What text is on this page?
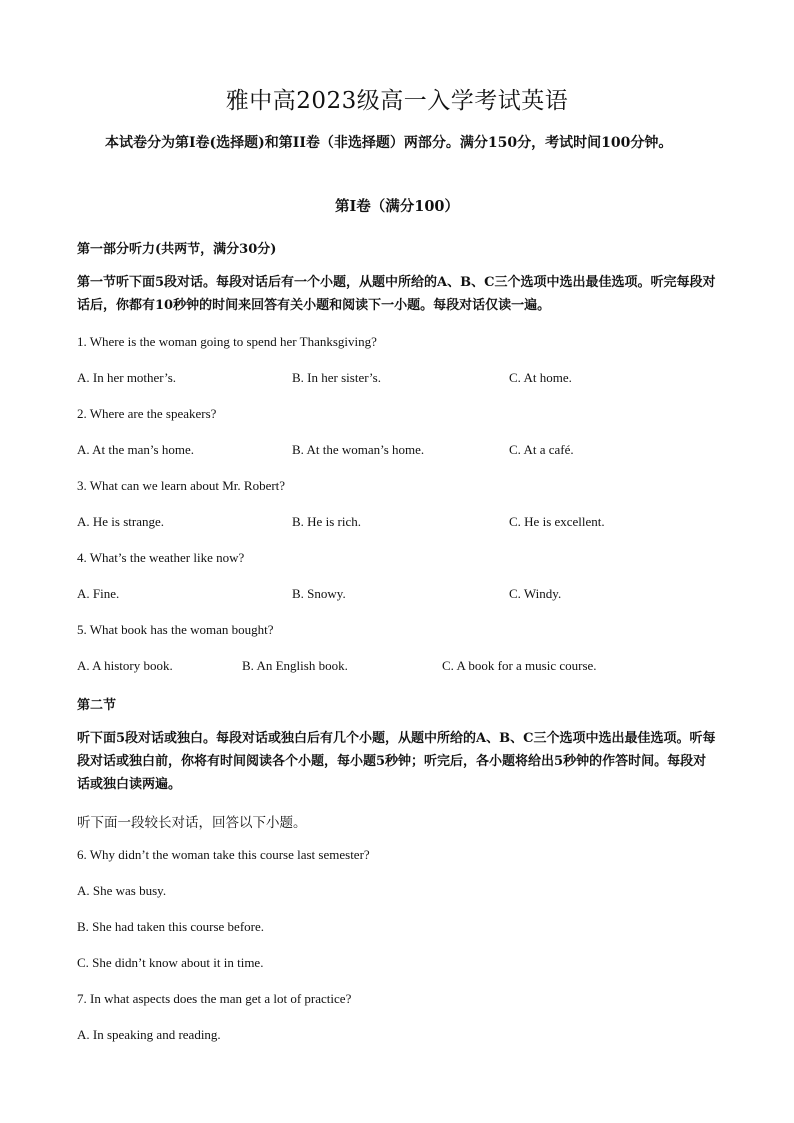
雅中高2023级高一入学考试英语
本试卷分为第I卷(选择题)和第II卷（非选择题）两部分。满分150分，考试时间100分钟。
第I卷（满分100）
第一部分听力(共两节，满分30分)
第一节听下面5段对话。每段对话后有一个小题，从题中所给的A、B、C三个选项中选出最佳选项。听完每段对话后，你都有10秒钟的时间来回答有关小题和阅读下一小题。每段对话仅读一遍。
1. Where is the woman going to spend her Thanksgiving?
A. In her mother’s.	B. In her sister’s.	C. At home.
2. Where are the speakers?
A. At the man’s home.	B. At the woman’s home.	C. At a café.
3. What can we learn about Mr. Robert?
A. He is strange.	B. He is rich.	C. He is excellent.
4. What’s the weather like now?
A. Fine.	B. Snowy.	C. Windy.
5. What book has the woman bought?
A. A history book.	B. An English book.	C. A book for a music course.
第二节
听下面5段对话或独白。每段对话或独白后有几个小题，从题中所给的A、B、C三个选项中选出最佳选项。听每段对话或独白前，你将有时间阅读各个小题，每小题5秒钟；听完后，各小题将给出5秒钟的作答时间。每段对话或独白读两遍。
听下面一段较长对话，回答以下小题。
6. Why didn’t the woman take this course last semester?
A. She was busy.
B. She had taken this course before.
C. She didn’t know about it in time.
7. In what aspects does the man get a lot of practice?
A. In speaking and reading.
